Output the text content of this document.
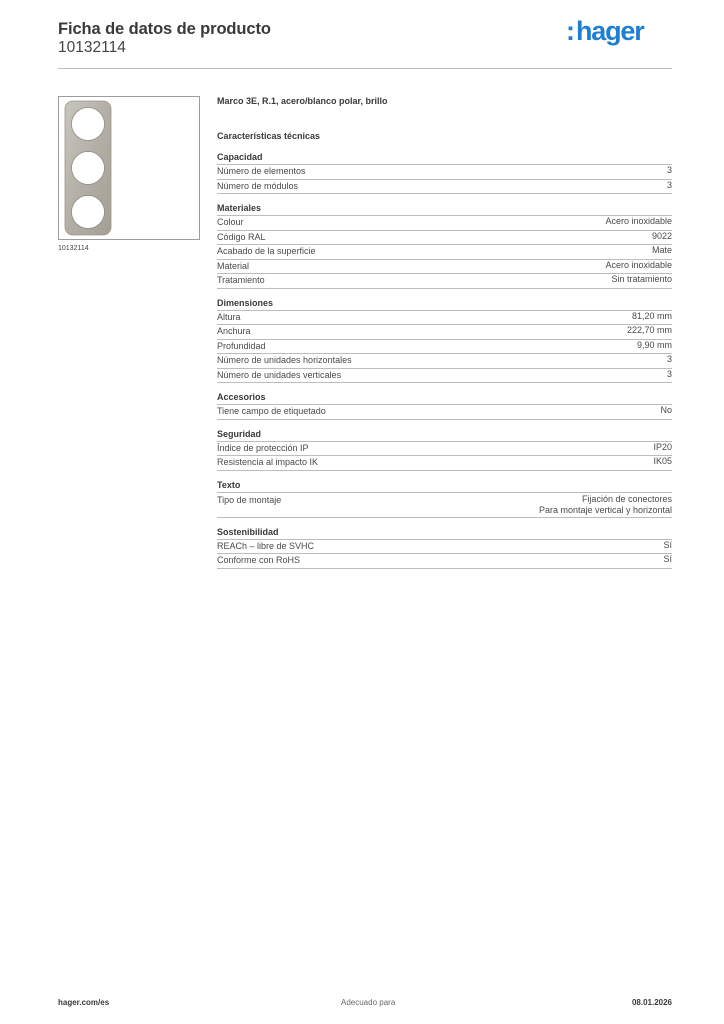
Ficha de datos de producto
10132114
:hager
10132114
Marco 3E, R.1, acero/blanco polar, brillo
Características técnicas
Capacidad
Número de elementos	3
Número de módulos	3
Materiales
Colour	Acero inoxidable
Código RAL	9022
Acabado de la superficie	Mate
Material	Acero inoxidable
Tratamiento	Sin tratamiento
Dimensiones
Altura	81,20 mm
Anchura	222,70 mm
Profundidad	9,90 mm
Número de unidades horizontales	3
Número de unidades verticales	3
Accesorios
Tiene campo de etiquetado	No
Seguridad
Índice de protección IP	IP20
Resistencia al impacto IK	IK05
Texto
Tipo de montaje	Fijación de conectores
Para montaje vertical y horizontal
Sostenibilidad
REACh – libre de SVHC	Sí
Conforme con RoHS	Sí
hager.com/es	Adecuado para	08.01.2026
